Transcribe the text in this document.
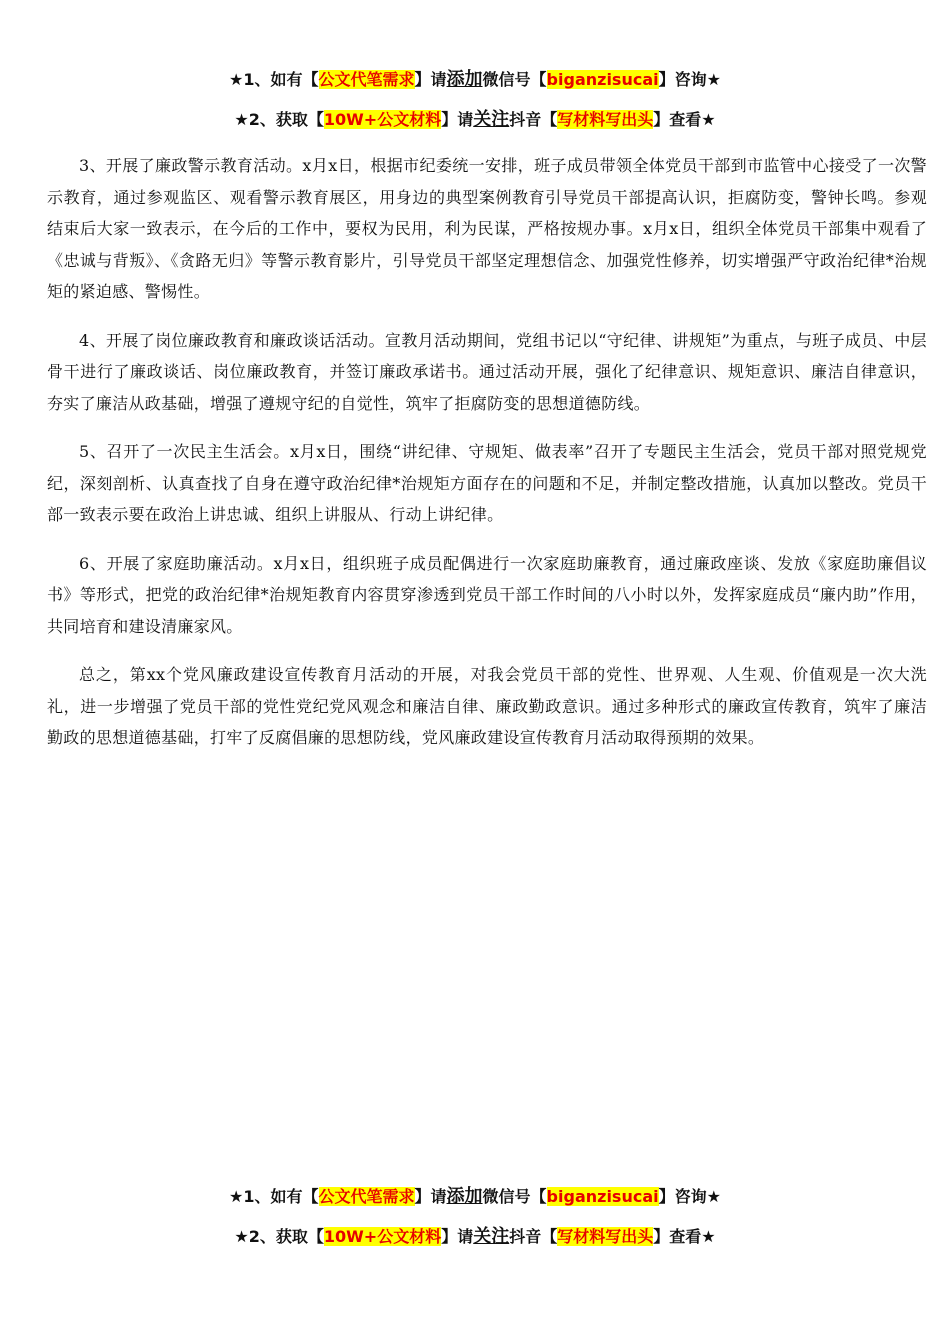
★1、如有【公文代笔需求】请添加微信号【biganzisucai】咨询★
★2、获取【10W+公文材料】请关注抖音【写材料写出头】查看★

3、开展了廉政警示教育活动。x月x日，根据市纪委统一安排，班子成员带领全体党员干部到市监管中心接受了一次警示教育，通过参观监区、观看警示教育展区，用身边的典型案例教育引导党员干部提高认识，拒腐防变，警钟长鸣。参观结束后大家一致表示，在今后的工作中，要权为民用，利为民谋，严格按规办事。x月x日，组织全体党员干部集中观看了《忠诚与背叛》、《贪路无归》等警示教育影片，引导党员干部坚定理想信念、加强党性修养，切实增强严守政治纪律*治规矩的紧迫感、警惕性。

4、开展了岗位廉政教育和廉政谈话活动。宣教月活动期间，党组书记以“守纪律、讲规矩”为重点，与班子成员、中层骨干进行了廉政谈话、岗位廉政教育，并签订廉政承诺书。通过活动开展，强化了纪律意识、规矩意识、廉洁自律意识，夯实了廉洁从政基础，增强了遵规守纪的自觉性，筑牢了拒腐防变的思想道德防线。

5、召开了一次民主生活会。x月x日，围绕“讲纪律、守规矩、做表率”召开了专题民主生活会，党员干部对照党规党纪，深刻剖析、认真查找了自身在遵守政治纪律*治规矩方面存在的问题和不足，并制定整改措施，认真加以整改。党员干部一致表示要在政治上讲忠诚、组织上讲服从、行动上讲纪律。

6、开展了家庭助廉活动。x月x日，组织班子成员配偶进行一次家庭助廉教育，通过廉政座谈、发放《家庭助廉倡议书》等形式，把党的政治纪律*治规矩教育内容贯穿渗透到党员干部工作时间的八小时以外，发挥家庭成员“廉内助”作用，共同培育和建设清廉家风。

总之，第xx个党风廉政建设宣传教育月活动的开展，对我会党员干部的党性、世界观、人生观、价值观是一次大洗礼，进一步增强了党员干部的党性党纪党风观念和廉洁自律、廉政勤政意识。通过多种形式的廉政宣传教育，筑牢了廉洁勤政的思想道德基础，打牢了反腐倡廉的思想防线，党风廉政建设宣传教育月活动取得预期的效果。

★1、如有【公文代笔需求】请添加微信号【biganzisucai】咨询★
★2、获取【10W+公文材料】请关注抖音【写材料写出头】查看★
